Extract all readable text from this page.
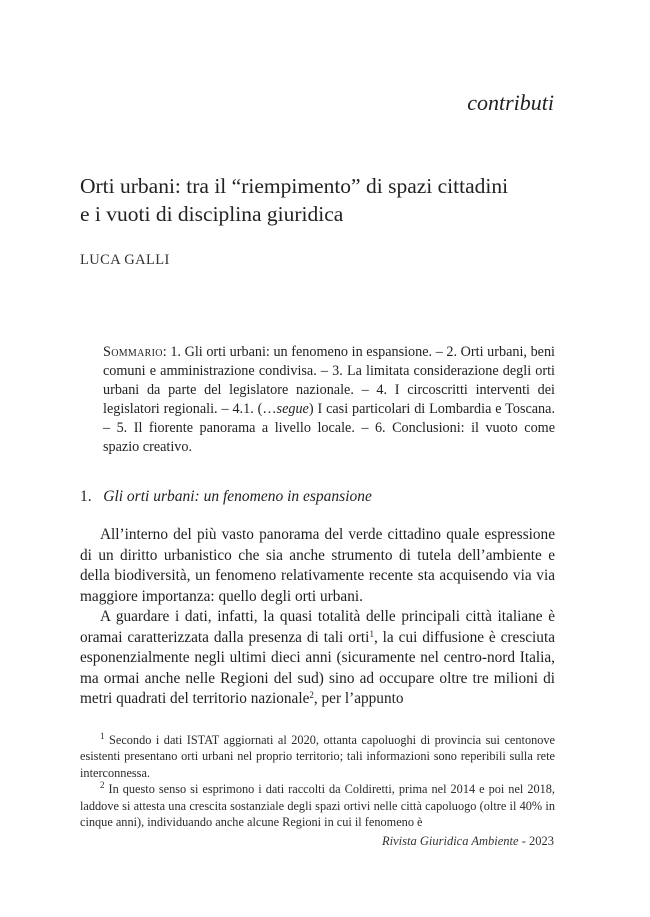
contributi
Orti urbani: tra il “riempimento” di spazi cittadini
e i vuoti di disciplina giuridica
LUCA GALLI
Sommario: 1. Gli orti urbani: un fenomeno in espansione. – 2. Orti urbani, beni comuni e amministrazione condivisa. – 3. La limitata considerazione degli orti urbani da parte del legislatore nazionale. – 4. I circoscritti interventi dei legislatori regionali. – 4.1. (…segue) I casi particolari di Lombardia e Toscana. – 5. Il fiorente panorama a livello locale. – 6. Conclusioni: il vuoto come spazio creativo.
1. Gli orti urbani: un fenomeno in espansione

All’interno del più vasto panorama del verde cittadino quale espressione di un diritto urbanistico che sia anche strumento di tutela dell’ambiente e della biodiversità, un fenomeno relativamente recente sta acquisendo via via maggiore importanza: quello degli orti urbani.

A guardare i dati, infatti, la quasi totalità delle principali città italiane è oramai caratterizzata dalla presenza di tali orti$^1$, la cui diffusione è cresciuta esponenzialmente negli ultimi dieci anni (sicuramente nel centro-nord Italia, ma ormai anche nelle Regioni del sud) sino ad occupare oltre tre milioni di metri quadrati del territorio nazionale$^2$, per l’appunto

$^1$ Secondo i dati ISTAT aggiornati al 2020, ottanta capoluoghi di provincia sui centonove esistenti presentano orti urbani nel proprio territorio; tali informazioni sono reperibili sulla rete interconnessa.

$^2$ In questo senso si esprimono i dati raccolti da Coldiretti, prima nel 2014 e poi nel 2018, laddove si attesta una crescita sostanziale degli spazi ortivi nelle città capoluogo (oltre il 40% in cinque anni), individuando anche alcune Regioni in cui il fenomeno è

Rivista Giuridica Ambiente - 2023
